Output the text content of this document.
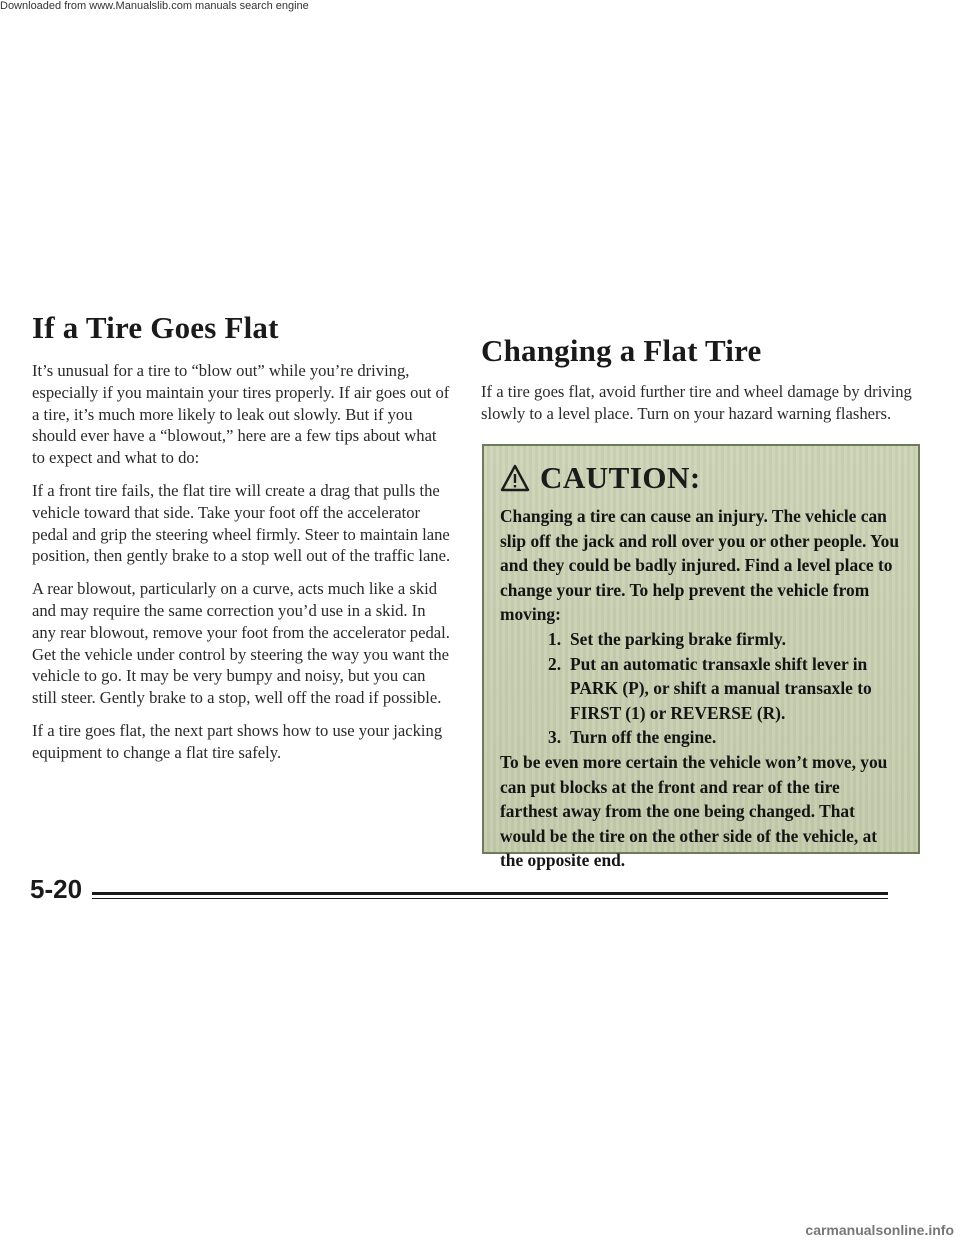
Downloaded from www.Manualslib.com manuals search engine
If a Tire Goes Flat

It’s unusual for a tire to “blow out” while you’re driving, especially if you maintain your tires properly. If air goes out of a tire, it’s much more likely to leak out slowly. But if you should ever have a “blowout,” here are a few tips about what to expect and what to do:

If a front tire fails, the flat tire will create a drag that pulls the vehicle toward that side. Take your foot off the accelerator pedal and grip the steering wheel firmly. Steer to maintain lane position, then gently brake to a stop well out of the traffic lane.

A rear blowout, particularly on a curve, acts much like a skid and may require the same correction you’d use in a skid. In any rear blowout, remove your foot from the accelerator pedal. Get the vehicle under control by steering the way you want the vehicle to go. It may be very bumpy and noisy, but you can still steer. Gently brake to a stop, well off the road if possible.

If a tire goes flat, the next part shows how to use your jacking equipment to change a flat tire safely.

Changing a Flat Tire

If a tire goes flat, avoid further tire and wheel damage by driving slowly to a level place. Turn on your hazard warning flashers.

CAUTION:

Changing a tire can cause an injury. The vehicle can slip off the jack and roll over you or other people. You and they could be badly injured. Find a level place to change your tire. To help prevent the vehicle from moving:

1. Set the parking brake firmly.
2. Put an automatic transaxle shift lever in PARK (P), or shift a manual transaxle to FIRST (1) or REVERSE (R).
3. Turn off the engine.

To be even more certain the vehicle won’t move, you can put blocks at the front and rear of the tire farthest away from the one being changed. That would be the tire on the other side of the vehicle, at the opposite end.

5-20
carmanualsonline.info
